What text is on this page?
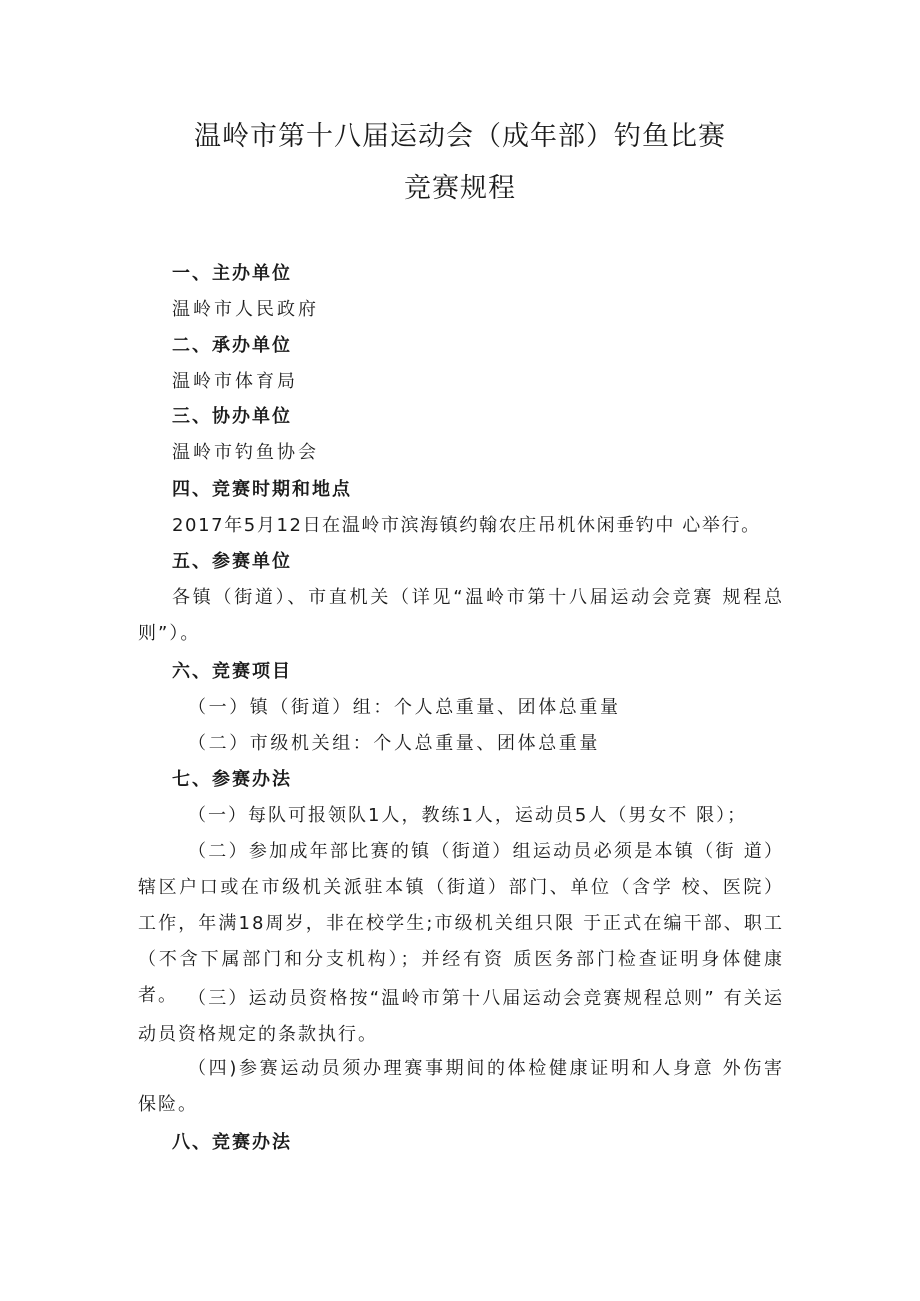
温岭市第十八届运动会（成年部）钓鱼比赛
竞赛规程
一、主办单位
温岭市人民政府
二、承办单位
温岭市体育局
三、协办单位
温岭市钓鱼协会
四、竞赛时期和地点
2017年5月12日在温岭市滨海镇约翰农庄吊机休闲垂钓中 心举行。
五、参赛单位
各镇（街道）、市直机关（详见“温岭市第十八届运动会竞赛 规程总则”）。
六、竞赛项目
（一）镇（街道）组：个人总重量、团体总重量
（二）市级机关组：个人总重量、团体总重量
七、参赛办法
（一）每队可报领队1人，教练1人，运动员5人（男女不 限）；
（二）参加成年部比赛的镇（街道）组运动员必须是本镇（街 道）辖区户口或在市级机关派驻本镇（街道）部门、单位（含学 校、医院）工作，年满18周岁，非在校学生;市级机关组只限 于正式在编干部、职工（不含下属部门和分支机构）；并经有资 质医务部门检查证明身体健康者。 （三）运动员资格按“温岭市第十八届运动会竞赛规程总则” 有关运动员资格规定的条款执行。
（四)参赛运动员须办理赛事期间的体检健康证明和人身意 外伤害保险。
八、竞赛办法
